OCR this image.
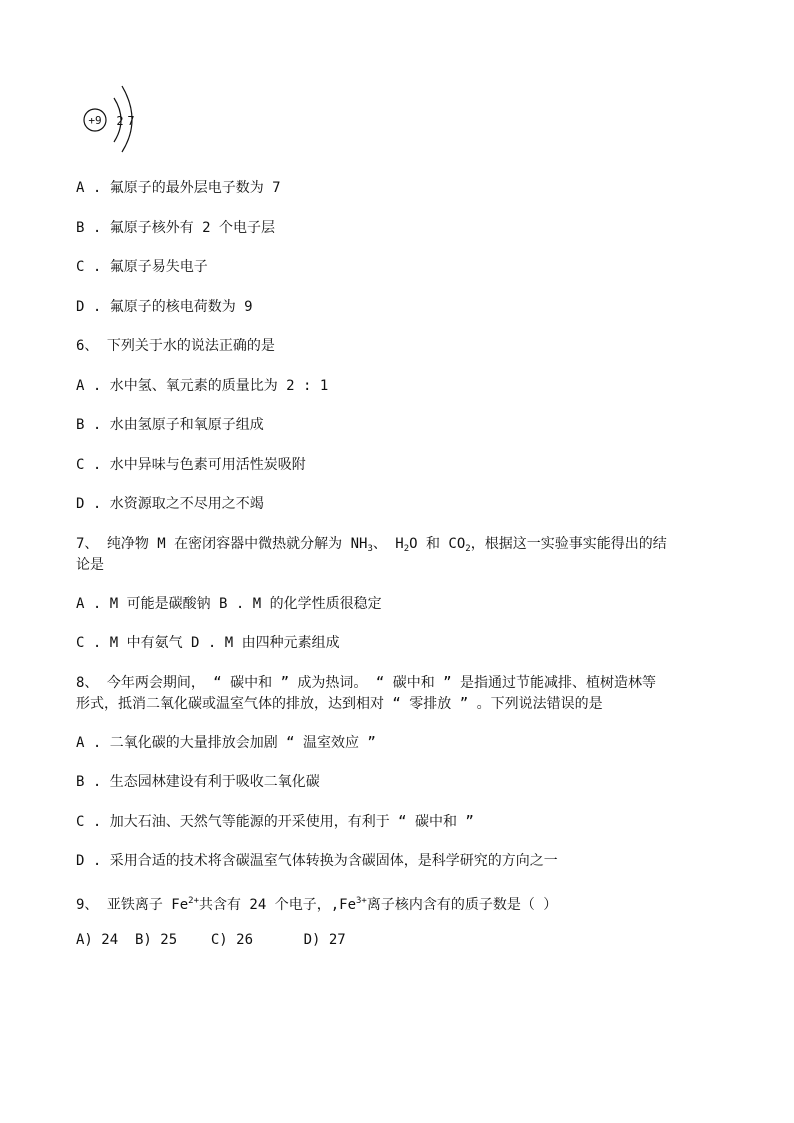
+9 2 7
A . 氟原子的最外层电子数为 7
B . 氟原子核外有 2 个电子层
C . 氟原子易失电子
D . 氟原子的核电荷数为 9
6、 下列关于水的说法正确的是
A . 水中氢、氧元素的质量比为 2 : 1
B . 水由氢原子和氧原子组成
C . 水中异味与色素可用活性炭吸附
D . 水资源取之不尽用之不竭
7、 纯净物 M 在密闭容器中微热就分解为 $NH_3$、 $H_2O$ 和 $CO_2$，根据这一实验事实能得出的结
论是
A . M 可能是碳酸钠 B . M 的化学性质很稳定
C . M 中有氨气 D . M 由四种元素组成
8、 今年两会期间， “ 碳中和 ” 成为热词。 “ 碳中和 ” 是指通过节能减排、植树造林等
形式，抵消二氧化碳或温室气体的排放，达到相对 “ 零排放 ” 。下列说法错误的是
A . 二氧化碳的大量排放会加剧 “ 温室效应 ”
B . 生态园林建设有利于吸收二氧化碳
C . 加大石油、天然气等能源的开采使用，有利于 “ 碳中和 ”
D . 采用合适的技术将含碳温室气体转换为含碳固体，是科学研究的方向之一
9、 亚铁离子 $Fe^{2+}$共含有 24 个电子，$,Fe^{3+}$离子核内含有的质子数是（ ）
A) 24  B) 25    C) 26      D) 27
